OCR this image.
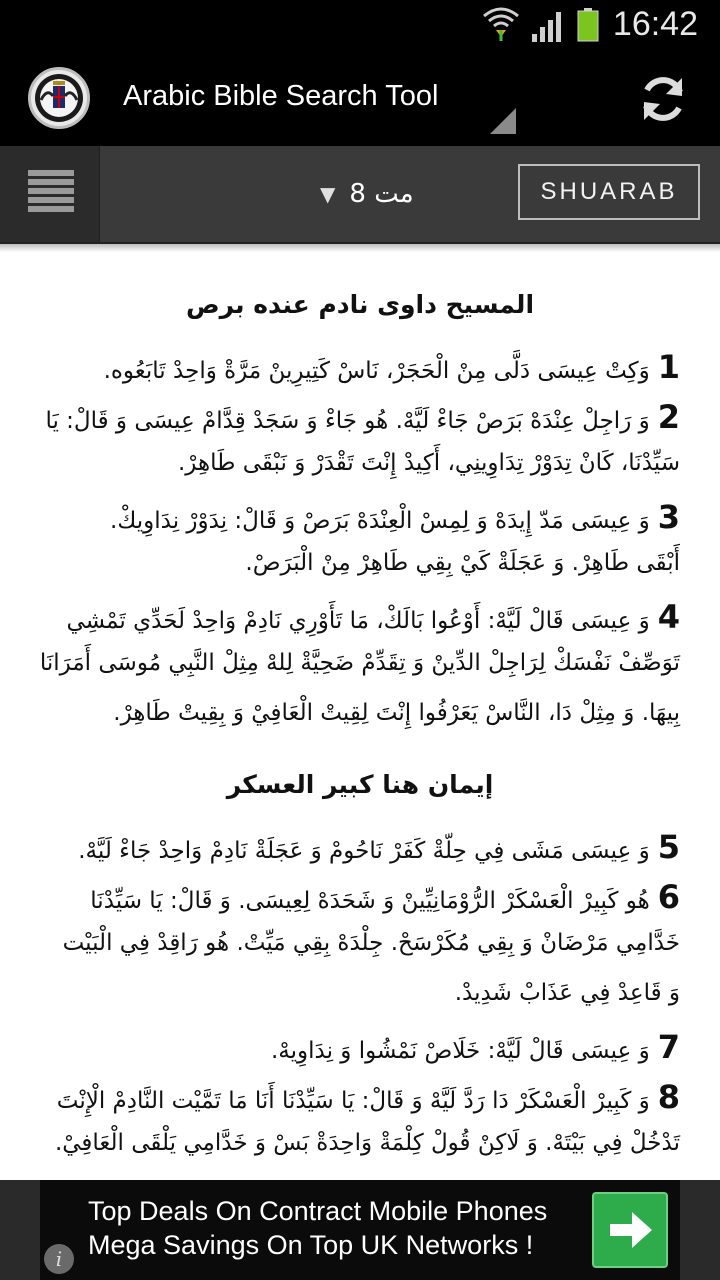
16:42
Arabic Bible Search Tool
▼ مت 8	SHUARAB
المسيح داوى نادم عنده برص
1وَكِتْ عِيسَى دَلَّى مِنْ الْحَجَرْ، نَاسْ كَتِيرِينْ مَرَّةْ وَاحِدْ تَابَعُوه.
2وَ رَاجِلْ عِنْدَهْ بَرَصْ جَاءْ لَيَّهْ. هُو جَاءْ وَ سَجَدْ قِدَّامْ عِيسَى وَ قَالْ: يَا
سَيِّدْنَا، كَانْ تِدَوْرْ تِدَاوِينِي، أَكِيدْ إِنْتَ تَقْدَرْ وَ نَبْقَى طَاهِرْ.
3وَ عِيسَى مَدّ إِيدَهْ وَ لِمِسْ الْعِنْدَهْ بَرَصْ وَ قَالْ: نِدَوْرْ نِدَاوِيكْ.
أَبْقَى طَاهِرْ. وَ عَجَلَةْ كَيْ بِقِي طَاهِرْ مِنْ الْبَرَصْ.
4وَ عِيسَى قَالْ لَيَّهْ: أَوْعُوا بَالَكْ، مَا تَأَوْرِي نَادِمْ وَاحِدْ لَحَدِّي تَمْشِي
تَوَصِّفْ نَفْسَكْ لِرَاجِلْ الدِّينْ وَ تِقَدِّمْ ضَحِيَّةْ لِلهْ مِثِلْ النَّبِي مُوسَى أَمَرَانَا
بِيهَا. وَ مِثِلْ دَا، النَّاسْ يَعَرْفُوا إِنْتَ لِقِيتْ الْعَافِيْ وَ بِقِيتْ طَاهِرْ.
إيمان هنا كبير العسكر
5وَ عِيسَى مَشَى فِي حِلّةْ كَفَرْ نَاحُومْ وَ عَجَلَةْ نَادِمْ وَاحِدْ جَاءْ لَيَّهْ.
6هُو كَبِيرْ الْعَسْكَرْ الرُّوْمَانِيِّينْ وَ شَحَدَهْ لِعِيسَى. وَ قَالْ: يَا سَيِّدْنَا
خَدَّامِي مَرْضَانْ وَ بِقِي مُكَرْسَحْ. جِلْدَهْ بِقِي مَيِّتْ. هُو رَاقِدْ فِي الْبَيْت
وَ قَاعِدْ فِي عَذَابْ شَدِيدْ.
7وَ عِيسَى قَالْ لَيَّهْ: خَلَاصْ نَمْشُوا وَ نِدَاوِيهْ.
8وَ كَبِيرْ الْعَسْكَرْ دَا رَدَّ لَيَّهْ وَ قَالْ: يَا سَيِّدْنَا أَنَا مَا تَمَّيْت النَّادِمْ الْإِنْتَ
تَدْخُلْ فِي بَيْتَهْ. وَ لَاكِنْ قُولْ كِلْمَةْ وَاحِدَةْ بَسْ وَ خَدَّامِي يَلْقَى الْعَافِيْ.
Top Deals On Contract Mobile Phones
Mega Savings On Top UK Networks !
i
